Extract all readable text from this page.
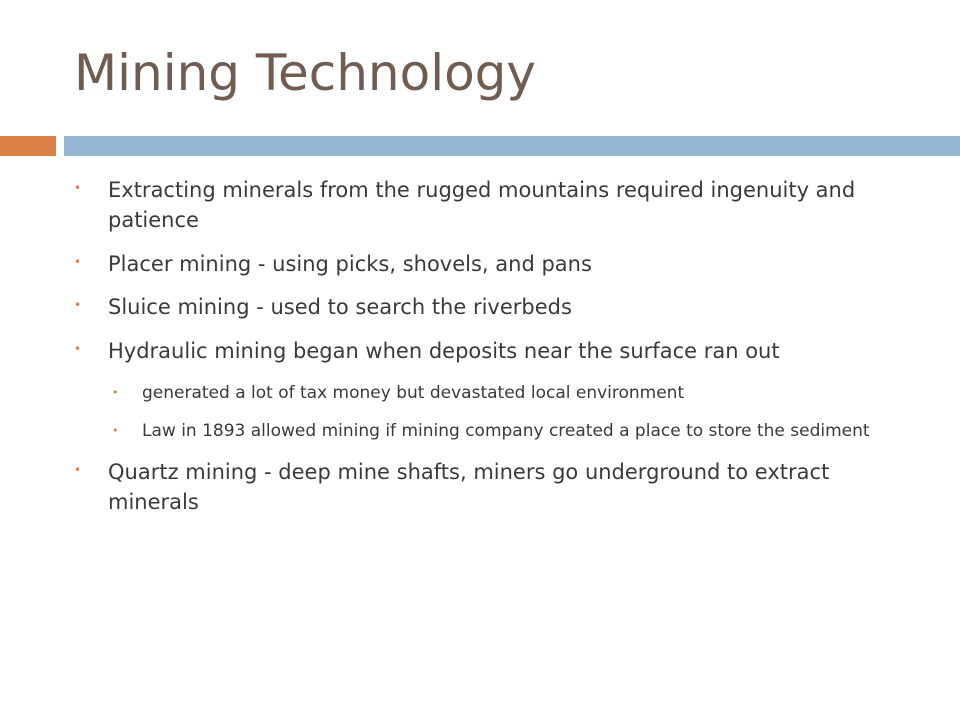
Mining Technology
• Extracting minerals from the rugged mountains required ingenuity and patience
• Placer mining - using picks, shovels, and pans
• Sluice mining - used to search the riverbeds
• Hydraulic mining began when deposits near the surface ran out
• generated a lot of tax money but devastated local environment
• Law in 1893 allowed mining if mining company created a place to store the sediment
• Quartz mining - deep mine shafts, miners go underground to extract minerals
